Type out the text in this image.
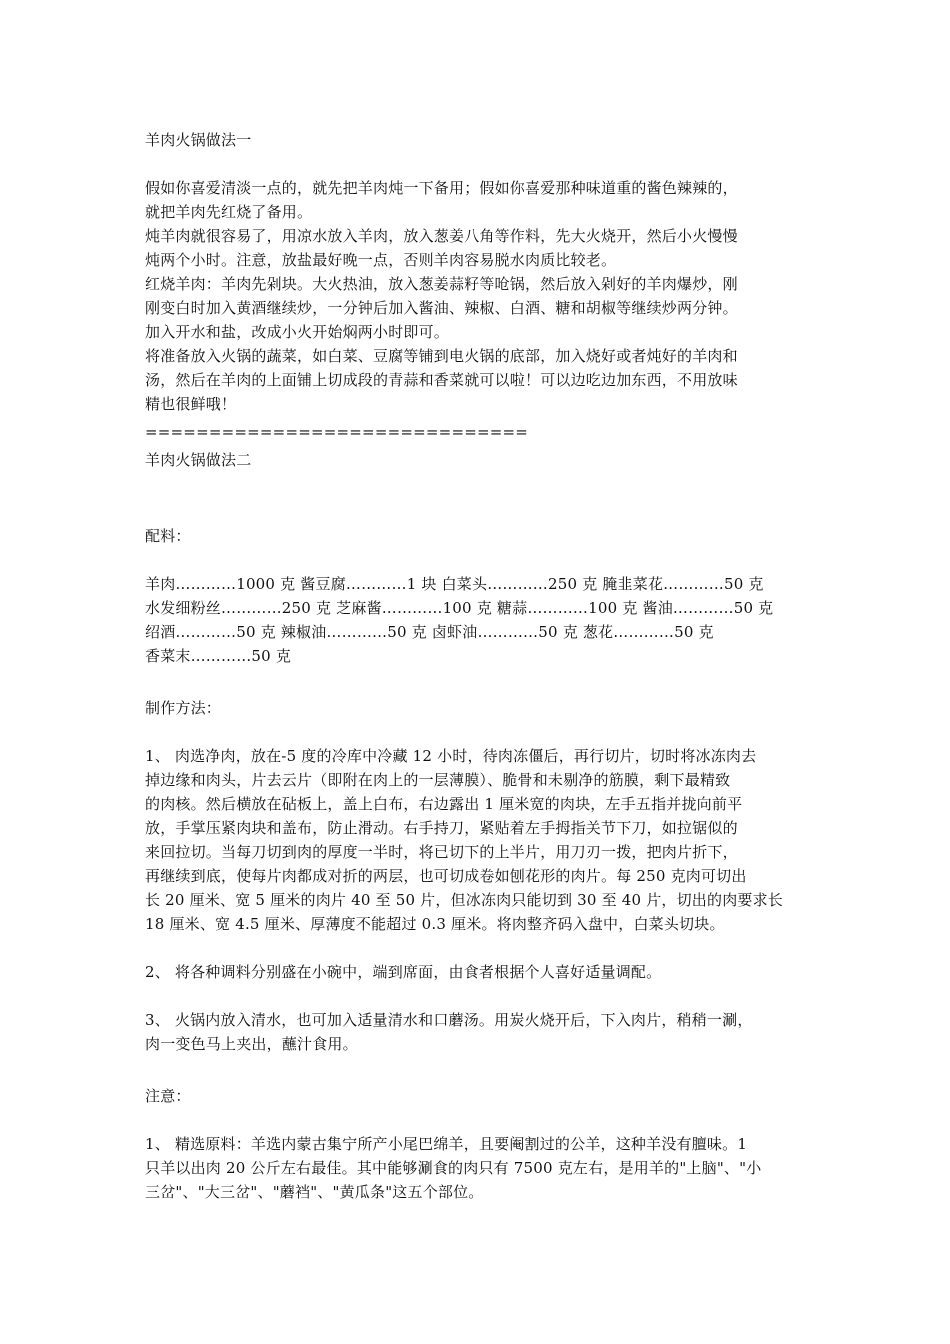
羊肉火锅做法一
假如你喜爱清淡一点的，就先把羊肉炖一下备用；假如你喜爱那种味道重的酱色辣辣的，
就把羊肉先红烧了备用。
炖羊肉就很容易了，用凉水放入羊肉，放入葱姜八角等作料，先大火烧开，然后小火慢慢
炖两个小时。注意，放盐最好晚一点，否则羊肉容易脱水肉质比较老。
红烧羊肉：羊肉先剁块。大火热油，放入葱姜蒜籽等呛锅，然后放入剁好的羊肉爆炒，刚
刚变白时加入黄酒继续炒，一分钟后加入酱油、辣椒、白酒、糖和胡椒等继续炒两分钟。
加入开水和盐，改成小火开始焖两小时即可。
将准备放入火锅的蔬菜，如白菜、豆腐等铺到电火锅的底部，加入烧好或者炖好的羊肉和
汤，然后在羊肉的上面铺上切成段的青蒜和香菜就可以啦！可以边吃边加东西，不用放味
精也很鲜哦！
==============================
羊肉火锅做法二
配料：
羊肉…………1000 克 酱豆腐…………1 块 白菜头…………250 克 腌韭菜花…………50 克
水发细粉丝…………250 克 芝麻酱…………100 克 糖蒜…………100 克 酱油…………50 克
绍酒…………50 克 辣椒油…………50 克 卤虾油…………50 克 葱花…………50 克
香菜末…………50 克
制作方法：
1、 肉选净肉，放在-5 度的冷库中冷藏 12 小时，待肉冻僵后，再行切片，切时将冰冻肉去
掉边缘和肉头，片去云片（即附在肉上的一层薄膜）、脆骨和未剔净的筋膜，剩下最精致
的肉核。然后横放在砧板上，盖上白布，右边露出 1 厘米宽的肉块，左手五指并拢向前平
放，手掌压紧肉块和盖布，防止滑动。右手持刀，紧贴着左手拇指关节下刀，如拉锯似的
来回拉切。当每刀切到肉的厚度一半时，将已切下的上半片，用刀刃一拨，把肉片折下，
再继续到底，使每片肉都成对折的两层，也可切成卷如刨花形的肉片。每 250 克肉可切出
长 20 厘米、宽 5 厘米的肉片 40 至 50 片，但冰冻肉只能切到 30 至 40 片，切出的肉要求长
18 厘米、宽 4.5 厘米、厚薄度不能超过 0.3 厘米。将肉整齐码入盘中，白菜头切块。
2、 将各种调料分别盛在小碗中，端到席面，由食者根据个人喜好适量调配。
3、 火锅内放入清水，也可加入适量清水和口蘑汤。用炭火烧开后，下入肉片，稍稍一涮，
肉一变色马上夹出，蘸汁食用。
注意：
1、 精选原料：羊选内蒙古集宁所产小尾巴绵羊，且要阉割过的公羊，这种羊没有膻味。1
只羊以出肉 20 公斤左右最佳。其中能够涮食的肉只有 7500 克左右，是用羊的"上脑"、"小
三岔"、"大三岔"、"蘑裆"、"黄瓜条"这五个部位。
